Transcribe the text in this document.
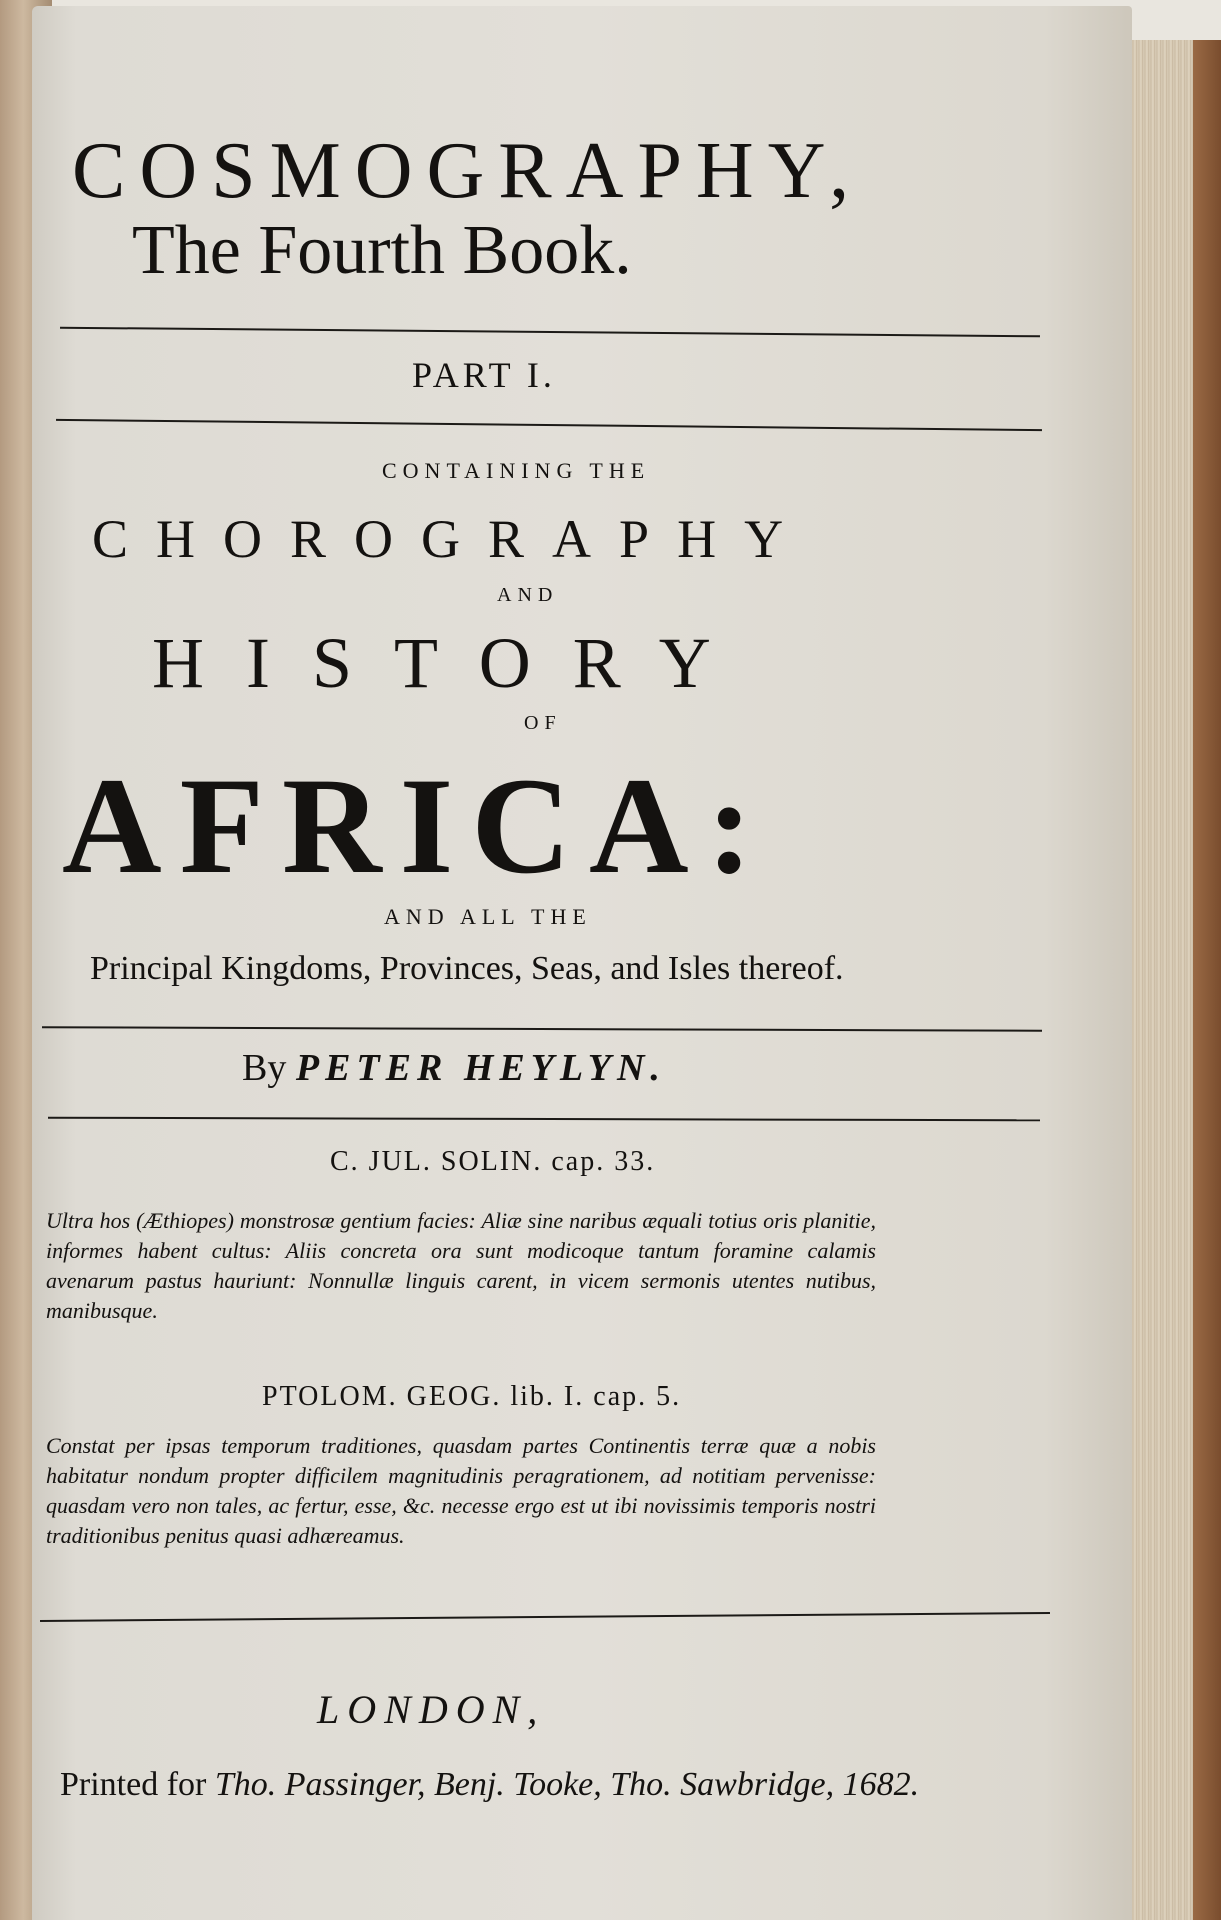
COSMOGRAPHY,
The Fourth Book.
PART I.
CONTAINING THE
CHOROGRAPHY
AND
HISTORY
OF
AFRICA:
AND ALL THE
Principal Kingdoms, Provinces, Seas, and Isles thereof.
By PETER HEYLYN.
C. JUL. SOLIN. cap. 33.
Ultra hos (Æthiopes) monstrosæ gentium facies: Aliæ sine naribus æquali totius oris planitie, informes habent cultus: Aliis concreta ora sunt modicoque tantum foramine calamis avenarum pastus hauriunt: Nonnullæ linguis carent, in vicem sermonis utentes nutibus, manibusque.
PTOLOM. GEOG. lib. I. cap. 5.
Constat per ipsas temporum traditiones, quasdam partes Continentis terræ quæ a nobis habitatur nondum propter difficilem magnitudinis peragrationem, ad notitiam pervenisse: quasdam vero non tales, ac fertur, esse, &c. necesse ergo est ut ibi novissimis temporis nostri traditionibus penitus quasi adhæreamus.
LONDON,
Printed for Tho. Passinger, Benj. Tooke, Tho. Sawbridge, 1682.
